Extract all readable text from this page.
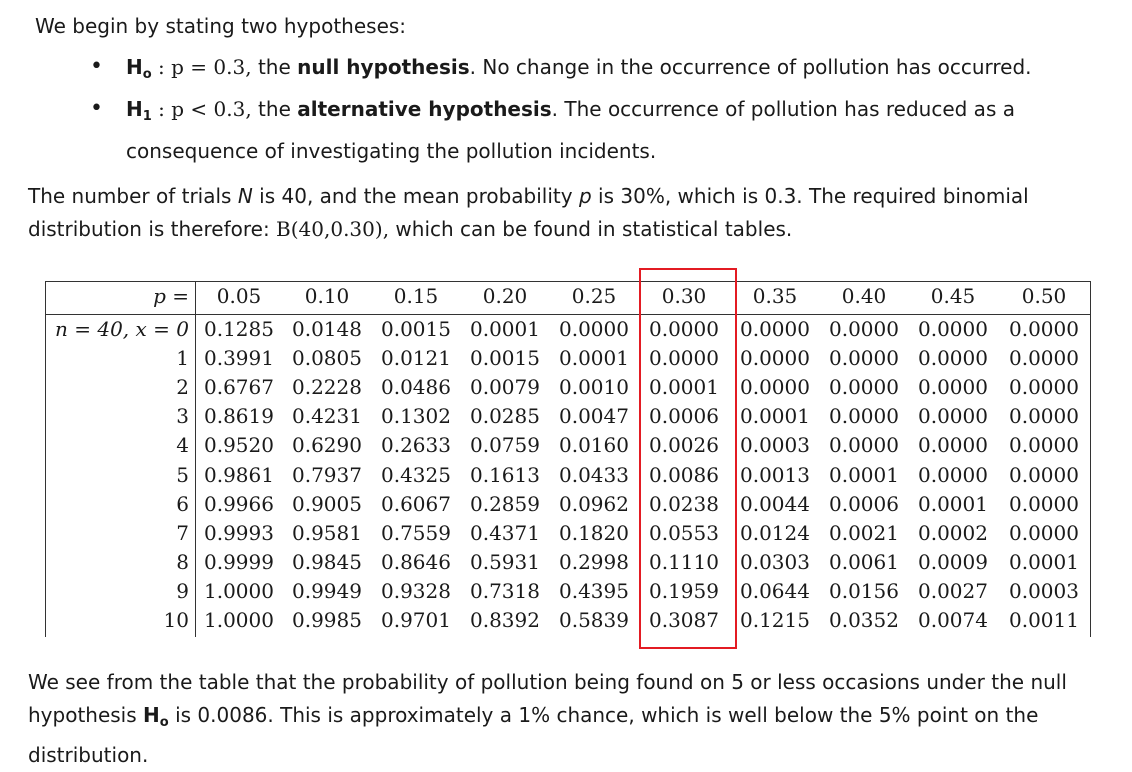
We begin by stating two hypotheses:
• $H_o$ : p = 0.3, the null hypothesis. No change in the occurrence of pollution has occurred.
• $H_1$ : p < 0.3, the alternative hypothesis. The occurrence of pollution has reduced as a consequence of investigating the pollution incidents.
The number of trials N is 40, and the mean probability p is 30%, which is 0.3. The required binomial distribution is therefore: B(40,0.30), which can be found in statistical tables.
p =	0.05	0.10	0.15	0.20	0.25	0.30	0.35	0.40	0.45	0.50
n = 40, x = 0 0.1285 0.0148 0.0015 0.0001 0.0000	0.0000	0.0000 0.0000 0.0000	0.0000
1 0.3991 0.0805 0.0121 0.0015 0.0001	0.0000	0.0000 0.0000 0.0000	0.0000
2 0.6767 0.2228 0.0486 0.0079 0.0010	0.0001	0.0000 0.0000 0.0000	0.0000
3 0.8619 0.4231 0.1302 0.0285 0.0047	0.0006	0.0001 0.0000 0.0000	0.0000
4 0.9520 0.6290 0.2633 0.0759 0.0160	0.0026	0.0003 0.0000 0.0000	0.0000
5 0.9861 0.7937 0.4325 0.1613 0.0433	0.0086	0.0013 0.0001 0.0000	0.0000
6 0.9966 0.9005 0.6067 0.2859 0.0962	0.0238	0.0044 0.0006 0.0001	0.0000
7 0.9993 0.9581 0.7559 0.4371 0.1820	0.0553	0.0124 0.0021 0.0002	0.0000
8 0.9999 0.9845 0.8646 0.5931 0.2998	0.1110	0.0303 0.0061 0.0009	0.0001
9 1.0000 0.9949 0.9328 0.7318 0.4395	0.1959	0.0644 0.0156 0.0027	0.0003
10 1.0000 0.9985 0.9701 0.8392 0.5839	0.3087	0.1215 0.0352 0.0074	0.0011
We see from the table that the probability of pollution being found on 5 or less occasions under the null hypothesis $H_o$ is 0.0086. This is approximately a 1% chance, which is well below the 5% point on the distribution.
